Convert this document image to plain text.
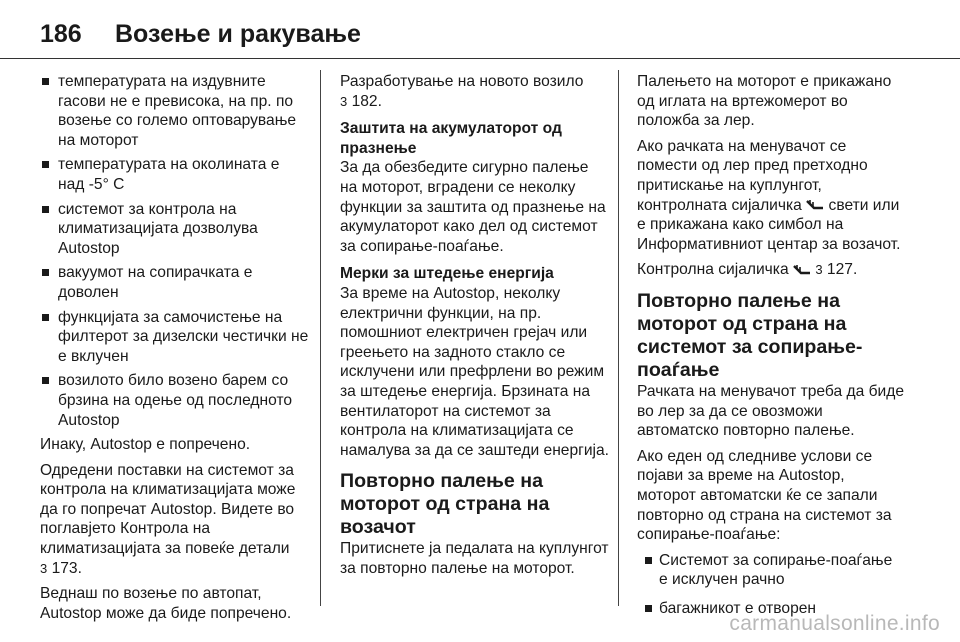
186 Возење и ракување
температурата на издувните гасови не е превисока, на пр. по возење со големо оптоварување на моторот
температурата на околината е над -5° C
системот за контрола на климатизацијата дозволува Autostop
вакуумот на сопирачката е доволен
функцијата за самочистење на филтерот за дизелски честички не е вклучен
возилото било возено барем со брзина на одење од последното Autostop

Инаку, Autostop е попречено.

Одредени поставки на системот за контрола на климатизацијата може да го попречат Autostop. Видете во поглавјето Контрола на климатизацијата за повеќе детали
3 173.

Веднаш по возење по автопат, Autostop може да биде попречено.

Разработување на новото возило
3 182.

Заштита на акумулаторот од празнење

За да обезбедите сигурно палење на моторот, вградени се неколку функции за заштита од празнење на акумулаторот како дел од системот за сопирање-поаѓање.

Мерки за штедење енергија

За време на Autostop, неколку електрични функции, на пр. помошниот електричен грејач или греењето на задното стакло се исклучени или префрлени во режим за штедење енергија. Брзината на вентилаторот на системот за контрола на климатизацијата се намалува за да се заштеди енергија.

Повторно палење на моторот од страна на возачот

Притиснете ја педалата на куплунгот за повторно палење на моторот.

Палењето на моторот е прикажано од иглата на вртежомерот во положба за лер.

Ако рачката на менувачот се помести од лер пред претходно притискање на куплунгот, контролната сијаличка свети или е прикажана како симбол на Информативниот центар за возачот.

Контролна сијаличка 3 127.

Повторно палење на моторот од страна на системот за сопирање-поаѓање

Рачката на менувачот треба да биде во лер за да се овозможи автоматско повторно палење.

Ако еден од следниве услови се појави за време на Autostop, моторот автоматски ќе се запали повторно од страна на системот за сопирање-поаѓање:

Системот за сопирање-поаѓање е исклучен рачно
багажникот е отворен
carmanualsonline.info
